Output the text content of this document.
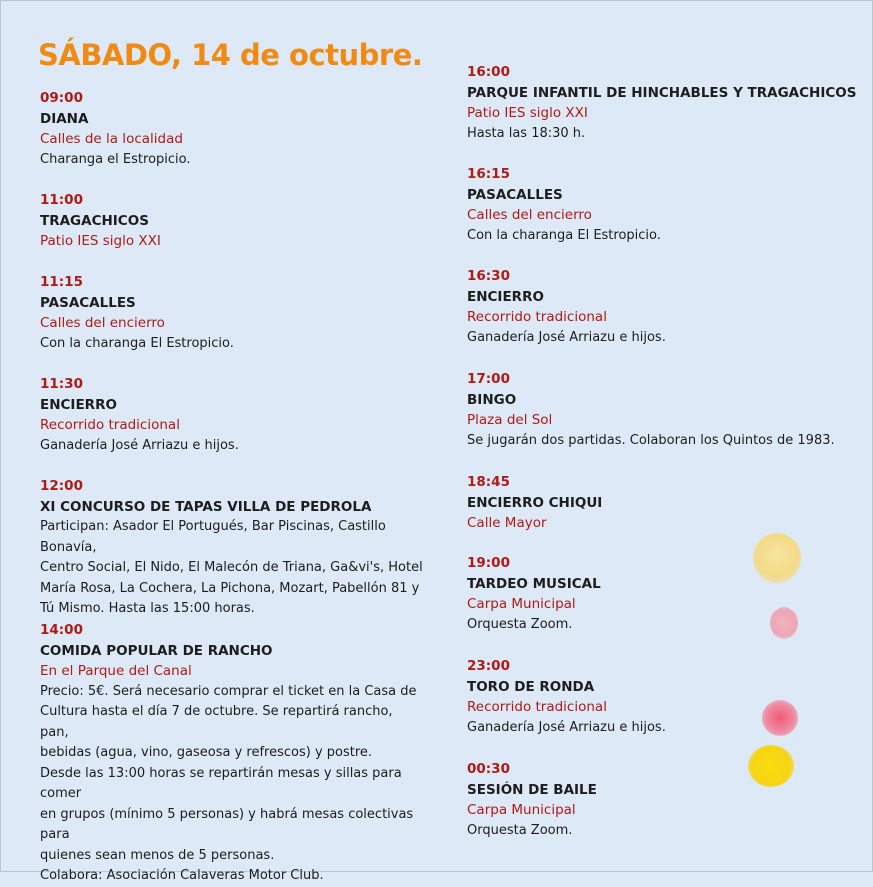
SÁBADO, 14 de octubre.
09:00
DIANA
Calles de la localidad
Charanga el Estropicio.
11:00
TRAGACHICOS
Patio IES siglo XXI
11:15
PASACALLES
Calles del encierro
Con la charanga El Estropicio.
11:30
ENCIERRO
Recorrido tradicional
Ganadería José Arriazu e hijos.
12:00
XI CONCURSO DE TAPAS VILLA DE PEDROLA
Participan: Asador El Portugués, Bar Piscinas, Castillo Bonavía,
Centro Social, El Nido, El Malecón de Triana, Ga&vi's, Hotel
María Rosa, La Cochera, La Pichona, Mozart, Pabellón 81 y
Tú Mismo. Hasta las 15:00 horas.
14:00
COMIDA POPULAR DE RANCHO
En el Parque del Canal
Precio: 5€. Será necesario comprar el ticket en la Casa de
Cultura hasta el día 7 de octubre. Se repartirá rancho, pan,
bebidas (agua, vino, gaseosa y refrescos) y postre.
Desde las 13:00 horas se repartirán mesas y sillas para comer
en grupos (mínimo 5 personas) y habrá mesas colectivas para
quienes sean menos de 5 personas.
Colabora: Asociación Calaveras Motor Club.
16:00
PARQUE INFANTIL DE HINCHABLES Y TRAGACHICOS
Patio IES siglo XXI
Hasta las 18:30 h.
16:15
PASACALLES
Calles del encierro
Con la charanga El Estropicio.
16:30
ENCIERRO
Recorrido tradicional
Ganadería José Arriazu e hijos.
17:00
BINGO
Plaza del Sol
Se jugarán dos partidas. Colaboran los Quintos de 1983.
18:45
ENCIERRO CHIQUI
Calle Mayor
19:00
TARDEO MUSICAL
Carpa Municipal
Orquesta Zoom.
23:00
TORO DE RONDA
Recorrido tradicional
Ganadería José Arriazu e hijos.
00:30
SESIÓN DE BAILE
Carpa Municipal
Orquesta Zoom.
